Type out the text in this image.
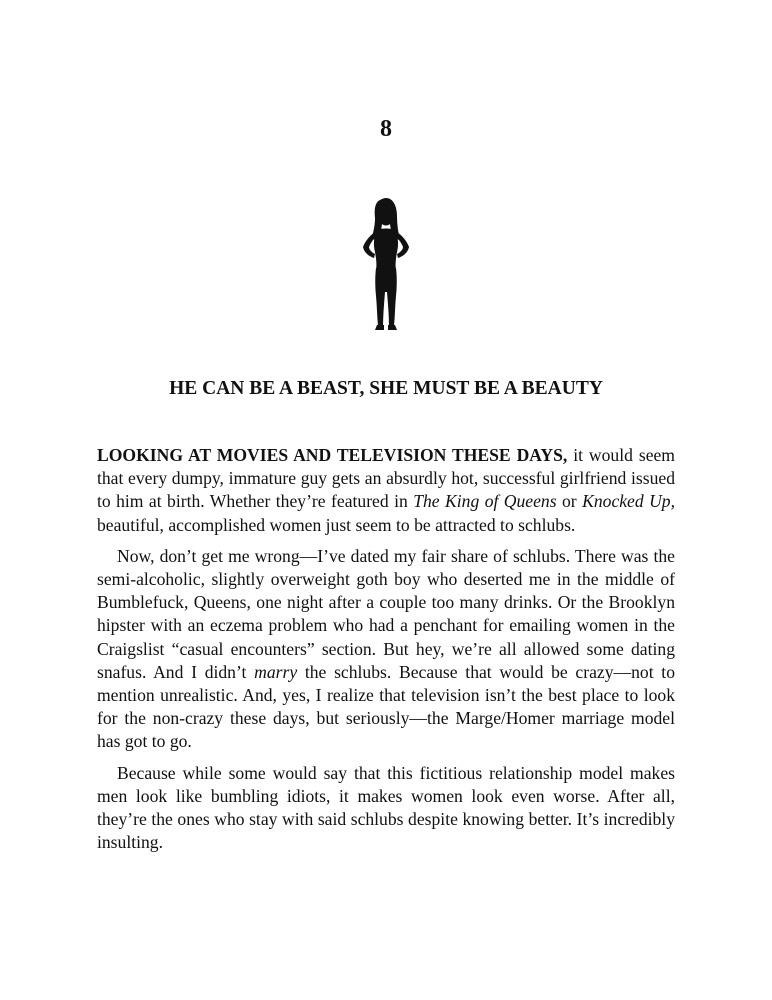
8
HE CAN BE A BEAST, SHE MUST BE A BEAUTY

LOOKING AT MOVIES AND TELEVISION THESE DAYS, it would seem that every dumpy, immature guy gets an absurdly hot, successful girlfriend issued to him at birth. Whether they’re featured in The King of Queens or Knocked Up, beautiful, accomplished women just seem to be attracted to schlubs.

Now, don’t get me wrong—I’ve dated my fair share of schlubs. There was the semi-alcoholic, slightly overweight goth boy who deserted me in the middle of Bumblefuck, Queens, one night after a couple too many drinks. Or the Brooklyn hipster with an eczema problem who had a penchant for emailing women in the Craigslist “casual encounters” section. But hey, we’re all allowed some dating snafus. And I didn’t marry the schlubs. Because that would be crazy—not to mention unrealistic. And, yes, I realize that television isn’t the best place to look for the non-crazy these days, but seriously—the Marge/Homer marriage model has got to go.

Because while some would say that this fictitious relationship model makes men look like bumbling idiots, it makes women look even worse. After all, they’re the ones who stay with said schlubs despite knowing better. It’s incredibly insulting.
